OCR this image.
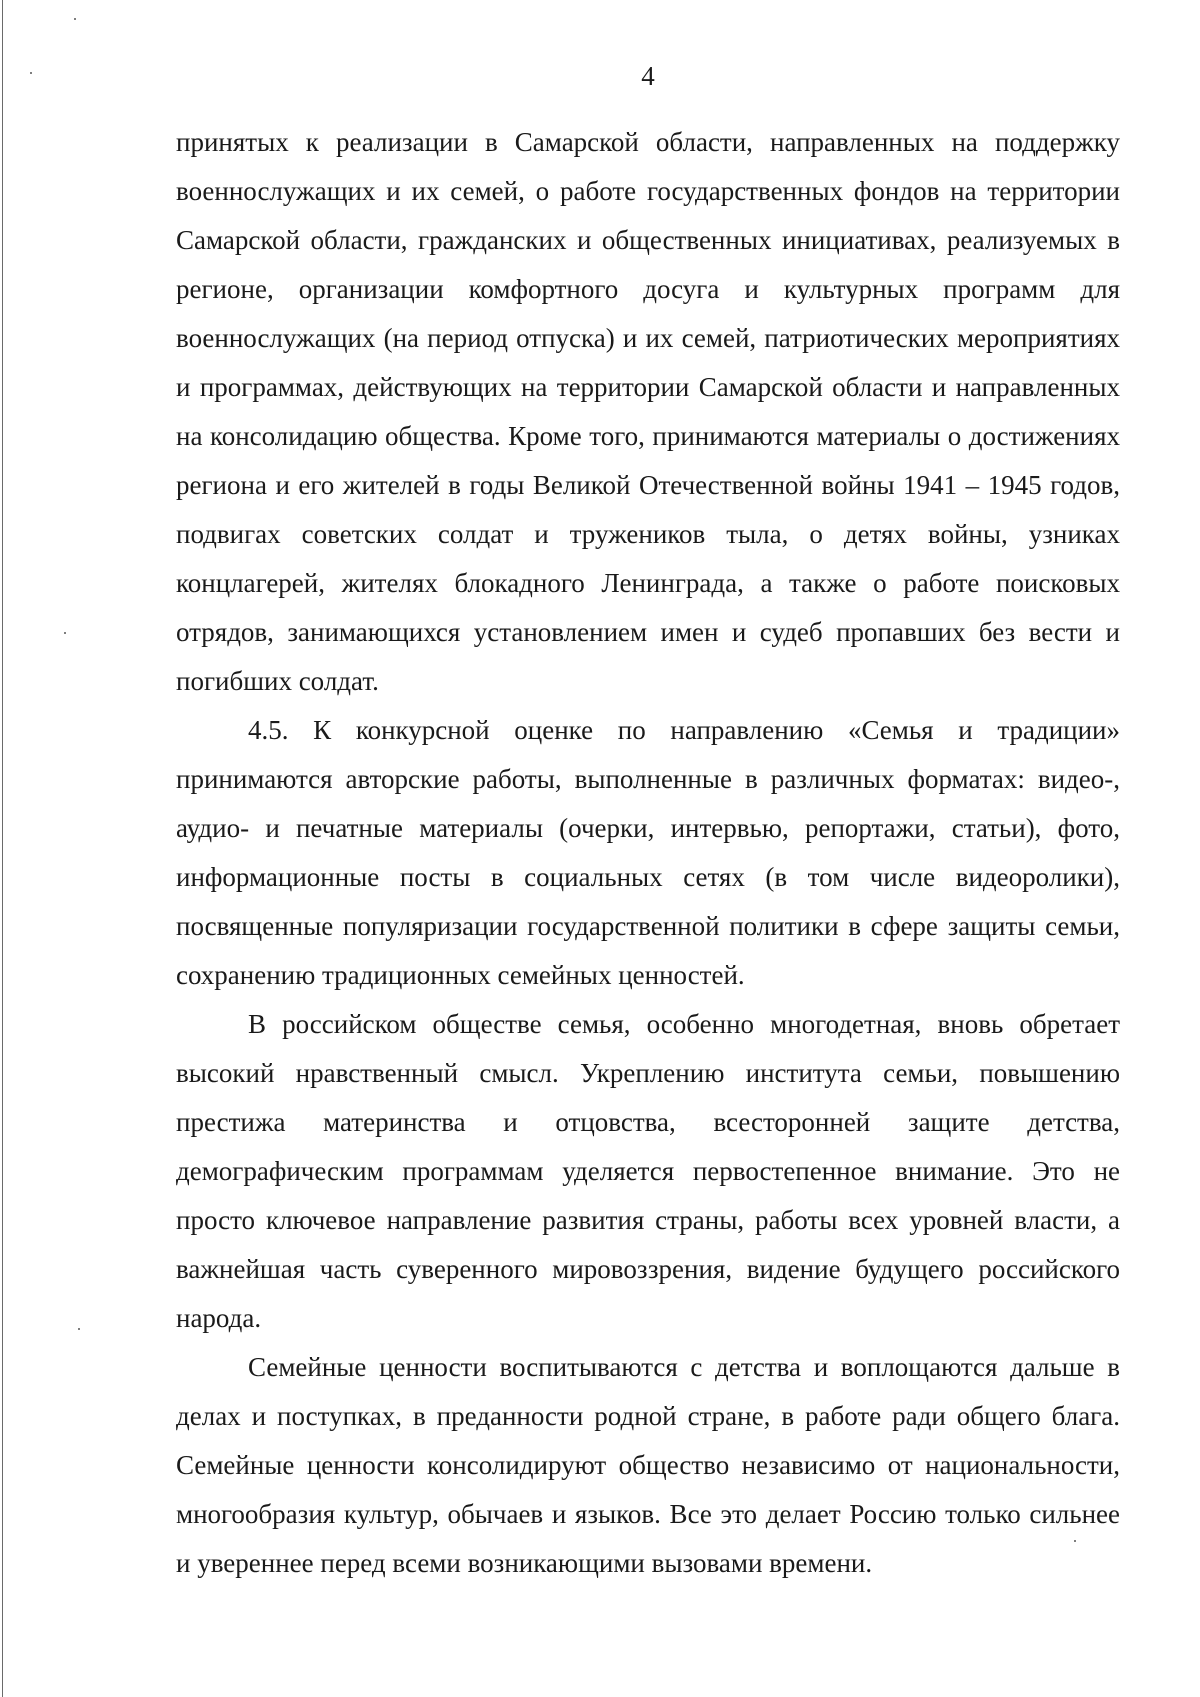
4

принятых к реализации в Самарской области, направленных на поддержку военнослужащих и их семей, о работе государственных фондов на территории Самарской области, гражданских и общественных инициативах, реализуемых в регионе, организации комфортного досуга и культурных программ для военнослужащих (на период отпуска) и их семей, патриотических мероприятиях и программах, действующих на территории Самарской области и направленных на консолидацию общества. Кроме того, принимаются материалы о достижениях региона и его жителей в годы Великой Отечественной войны 1941 – 1945 годов, подвигах советских солдат и тружеников тыла, о детях войны, узниках концлагерей, жителях блокадного Ленинграда, а также о работе поисковых отрядов, занимающихся установлением имен и судеб пропавших без вести и погибших солдат.

4.5. К конкурсной оценке по направлению «Семья и традиции» принимаются авторские работы, выполненные в различных форматах: видео-, аудио- и печатные материалы (очерки, интервью, репортажи, статьи), фото, информационные посты в социальных сетях (в том числе видеоролики), посвященные популяризации государственной политики в сфере защиты семьи, сохранению традиционных семейных ценностей.

В российском обществе семья, особенно многодетная, вновь обретает высокий нравственный смысл. Укреплению института семьи, повышению престижа материнства и отцовства, всесторонней защите детства, демографическим программам уделяется первостепенное внимание. Это не просто ключевое направление развития страны, работы всех уровней власти, а важнейшая часть суверенного мировоззрения, видение будущего российского народа.

Семейные ценности воспитываются с детства и воплощаются дальше в делах и поступках, в преданности родной стране, в работе ради общего блага. Семейные ценности консолидируют общество независимо от национальности, многообразия культур, обычаев и языков. Все это делает Россию только сильнее и увереннее перед всеми возникающими вызовами времени.
